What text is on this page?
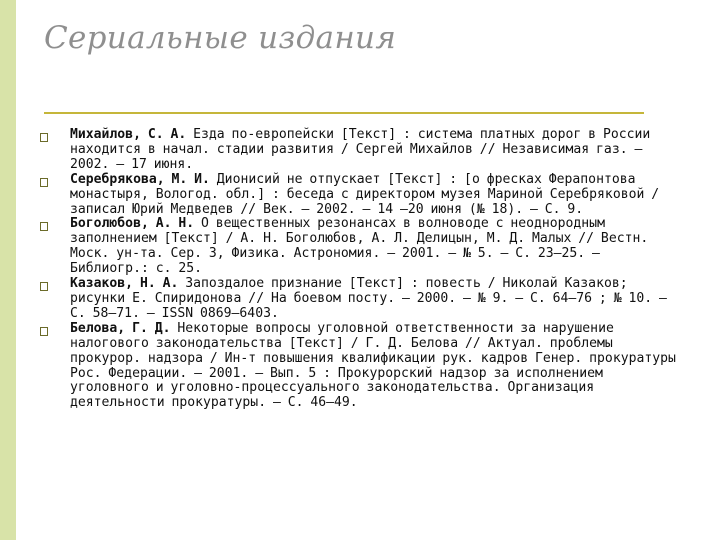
Сериальные издания
Михайлов, С. А. Езда по-европейски [Текст] : система платных дорог в России находится в начал. стадии развития / Сергей Михайлов // Независимая газ. — 2002. — 17 июня.
Серебрякова, М. И. Дионисий не отпускает [Текст] : [о фресках Ферапонтова монастыря, Вологод. обл.] : беседа с директором музея Мариной Серебряковой / записал Юрий Медведев // Век. — 2002. — 14 —20 июня (№ 18). — С. 9.
Боголюбов, А. Н. О вещественных резонансах в волноводе с неоднородным заполнением [Текст] / А. Н. Боголюбов, А. Л. Делицын, М. Д. Малых // Вестн. Моск. ун-та. Сер. 3, Физика. Астрономия. — 2001. — № 5. — С. 23—25. — Библиогр.: с. 25.
Казаков, Н. А. Запоздалое признание [Текст] : повесть / Николай Казаков; рисунки Е. Спиридонова // На боевом посту. — 2000. — № 9. — С. 64—76 ; № 10. — С. 58—71. — ISSN 0869—6403.
Белова, Г. Д. Некоторые вопросы уголовной ответственности за нарушение налогового законодательства [Текст] / Г. Д. Белова // Актуал. проблемы прокурор. надзора / Ин-т повышения квалификации рук. кадров Генер. прокуратуры Рос. Федерации. — 2001. — Вып. 5 : Прокурорский надзор за исполнением уголовного и уголовно-процессуального законодательства. Организация деятельности прокуратуры. — С. 46—49.
